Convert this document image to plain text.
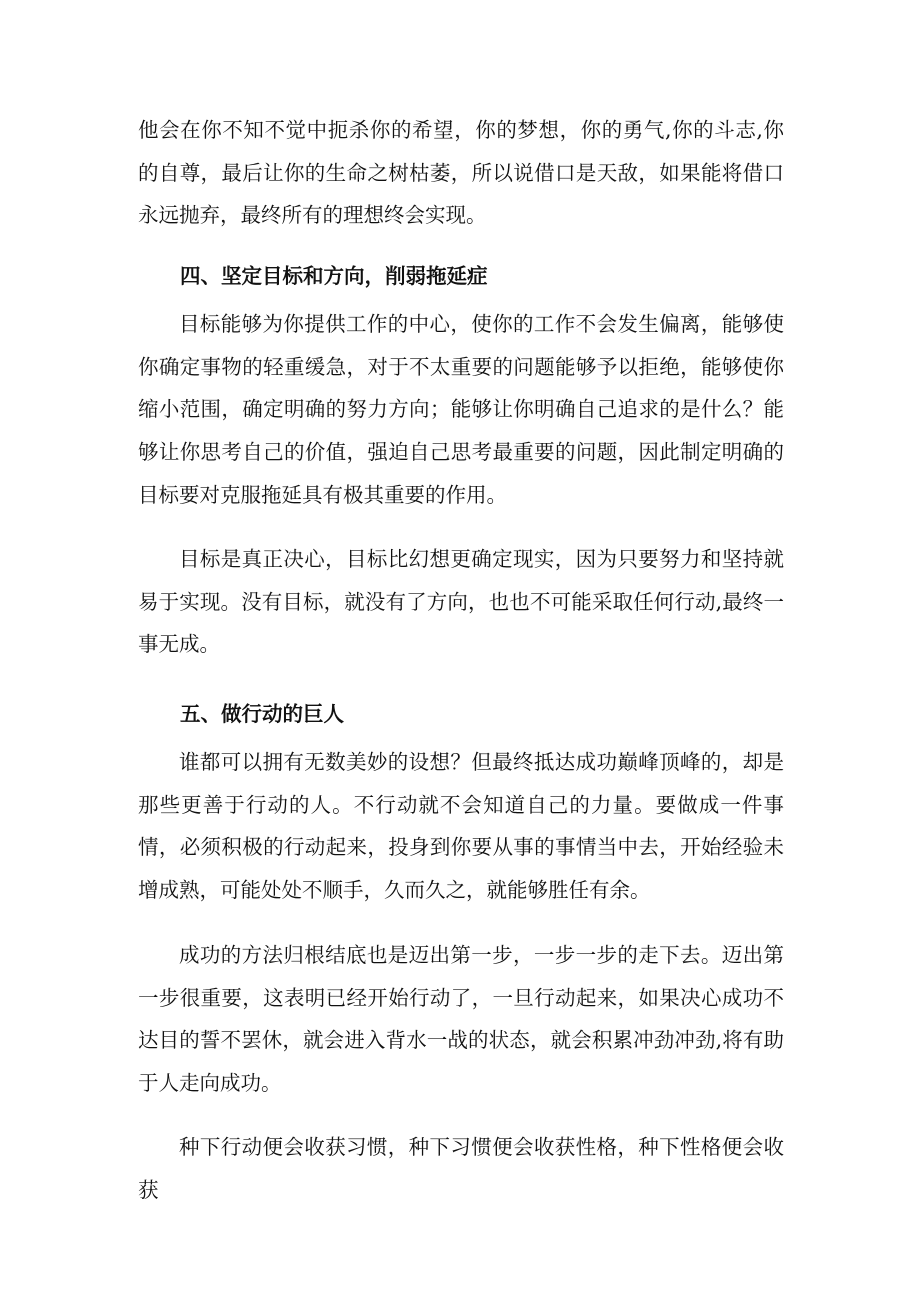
他会在你不知不觉中扼杀你的希望，你的梦想，你的勇气,你的斗志,你的自尊，最后让你的生命之树枯萎，所以说借口是天敌，如果能将借口永远抛弃，最终所有的理想终会实现。

四、坚定目标和方向，削弱拖延症

目标能够为你提供工作的中心，使你的工作不会发生偏离，能够使你确定事物的轻重缓急，对于不太重要的问题能够予以拒绝，能够使你缩小范围，确定明确的努力方向；能够让你明确自己追求的是什么？能够让你思考自己的价值，强迫自己思考最重要的问题，因此制定明确的目标要对克服拖延具有极其重要的作用。

目标是真正决心，目标比幻想更确定现实，因为只要努力和坚持就易于实现。没有目标，就没有了方向，也也不可能采取任何行动,最终一事无成。

五、做行动的巨人

谁都可以拥有无数美妙的设想？但最终抵达成功巅峰顶峰的，却是那些更善于行动的人。不行动就不会知道自己的力量。要做成一件事情，必须积极的行动起来，投身到你要从事的事情当中去，开始经验未增成熟，可能处处不顺手，久而久之，就能够胜任有余。

成功的方法归根结底也是迈出第一步，一步一步的走下去。迈出第一步很重要，这表明已经开始行动了，一旦行动起来，如果决心成功不达目的誓不罢休，就会进入背水一战的状态，就会积累冲劲冲劲,将有助于人走向成功。

种下行动便会收获习惯，种下习惯便会收获性格，种下性格便会收获
